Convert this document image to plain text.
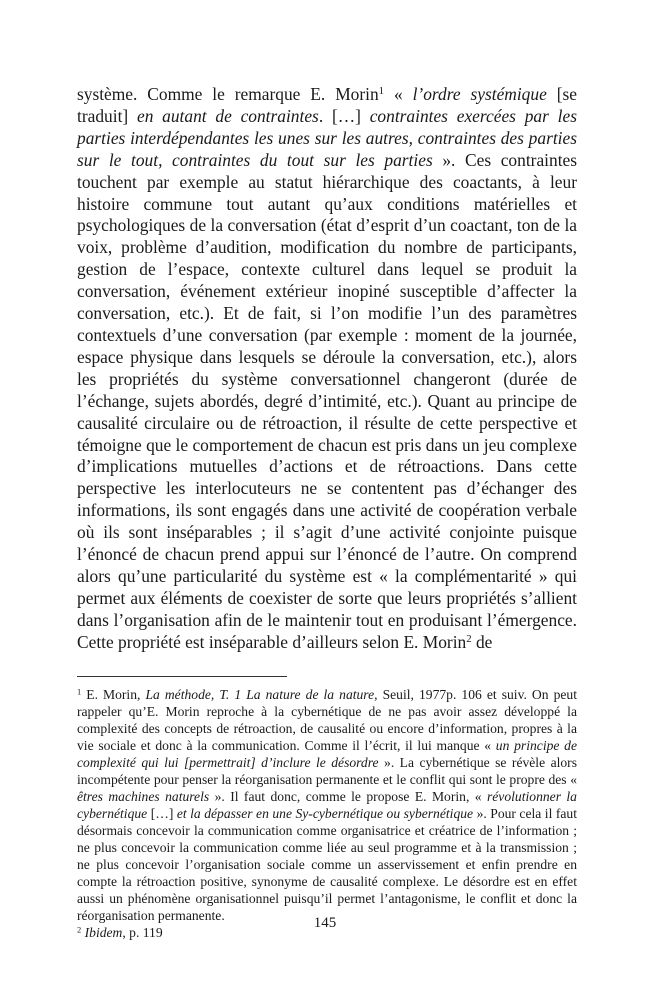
système. Comme le remarque E. Morin$^1$ « l’ordre systémique [se traduit] en autant de contraintes. […] contraintes exercées par les parties interdépendantes les unes sur les autres, contraintes des parties sur le tout, contraintes du tout sur les parties ». Ces contraintes touchent par exemple au statut hiérarchique des coactants, à leur histoire commune tout autant qu’aux conditions matérielles et psychologiques de la conversation (état d’esprit d’un coactant, ton de la voix, problème d’audition, modification du nombre de participants, gestion de l’espace, contexte culturel dans lequel se produit la conversation, événement extérieur inopiné susceptible d’affecter la conversation, etc.). Et de fait, si l’on modifie l’un des paramètres contextuels d’une conversation (par exemple : moment de la journée, espace physique dans lesquels se déroule la conversation, etc.), alors les propriétés du système conversationnel changeront (durée de l’échange, sujets abordés, degré d’intimité, etc.). Quant au principe de causalité circulaire ou de rétroaction, il résulte de cette perspective et témoigne que le comportement de chacun est pris dans un jeu complexe d’implications mutuelles d’actions et de rétroactions. Dans cette perspective les interlocuteurs ne se contentent pas d’échanger des informations, ils sont engagés dans une activité de coopération verbale où ils sont inséparables ; il s’agit d’une activité conjointe puisque l’énoncé de chacun prend appui sur l’énoncé de l’autre. On comprend alors qu’une particularité du système est « la complémentarité » qui permet aux éléments de coexister de sorte que leurs propriétés s’allient dans l’organisation afin de le maintenir tout en produisant l’émergence. Cette propriété est inséparable d’ailleurs selon E. Morin$^2$ de

$^1$ E. Morin, La méthode, T. 1 La nature de la nature, Seuil, 1977p. 106 et suiv. On peut rappeler qu’E. Morin reproche à la cybernétique de ne pas avoir assez développé la complexité des concepts de rétroaction, de causalité ou encore d’information, propres à la vie sociale et donc à la communication. Comme il l’écrit, il lui manque « un principe de complexité qui lui [permettrait] d’inclure le désordre ». La cybernétique se révèle alors incompétente pour penser la réorganisation permanente et le conflit qui sont le propre des « êtres machines naturels ». Il faut donc, comme le propose E. Morin, « révolutionner la cybernétique […] et la dépasser en une Sy-cybernétique ou sybernétique ». Pour cela il faut désormais concevoir la communication comme organisatrice et créatrice de l’information ; ne plus concevoir la communication comme liée au seul programme et à la transmission ; ne plus concevoir l’organisation sociale comme un asservissement et enfin prendre en compte la rétroaction positive, synonyme de causalité complexe. Le désordre est en effet aussi un phénomène organisationnel puisqu’il permet l’antagonisme, le conflit et donc la réorganisation permanente.

$^2$ Ibidem, p. 119

145
